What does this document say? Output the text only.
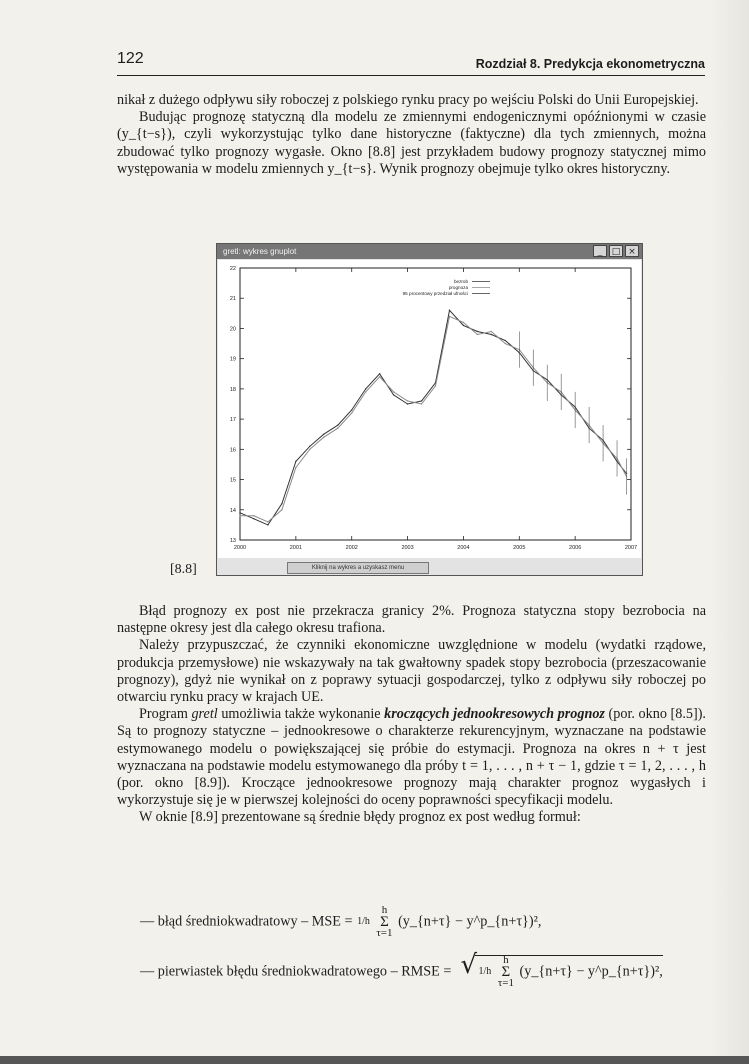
122	Rozdział 8. Predykcja ekonometryczna

nikał z dużego odpływu siły roboczej z polskiego rynku pracy po wejściu Polski do Unii Europejskiej.

Budując prognozę statyczną dla modelu ze zmiennymi endogenicznymi opóźnionymi w czasie (y_{t−s}), czyli wykorzystując tylko dane historyczne (faktyczne) dla tych zmiennych, można zbudować tylko prognozy wygasłe. Okno [8.8] jest przykładem budowy prognozy statycznej mimo występowania w modelu zmiennych y_{t−s}. Wynik prognozy obejmuje tylko okres historyczny.

gretl: wykres gnuplot	_	□ ×
13
14
15
16
17
18
19
20
21
22
2000	2001	2002	2003	2004	2005	2006	2007
bezrob
prognoza
95 procentowy przedział ufności
Kliknij na wykres a uzyskasz menu
[8.8]

Błąd prognozy ex post nie przekracza granicy 2%. Prognoza statyczna stopy bezrobocia na następne okresy jest dla całego okresu trafiona.

Należy przypuszczać, że czynniki ekonomiczne uwzględnione w modelu (wydatki rządowe, produkcja przemysłowe) nie wskazywały na tak gwałtowny spadek stopy bezrobocia (przeszacowanie prognozy), gdyż nie wynikał on z poprawy sytuacji gospodarczej, tylko z odpływu siły roboczej po otwarciu rynku pracy w krajach UE.

Program gretl umożliwia także wykonanie kroczących jednookresowych prognoz (por. okno [8.5]). Są to prognozy statyczne – jednookresowe o charakterze rekurencyjnym, wyznaczane na podstawie estymowanego modelu o powiększającej się próbie do estymacji. Prognoza na okres n + τ jest wyznaczana na podstawie modelu estymowanego dla próby t = 1, . . . , n + τ − 1, gdzie τ = 1, 2, . . . , h (por. okno [8.9]). Kroczące jednookresowe prognozy mają charakter prognoz wygasłych i wykorzystuje się je w pierwszej kolejności do oceny poprawności specyfikacji modelu.

W oknie [8.9] prezentowane są średnie błędy prognoz ex post według formuł:

— błąd średniokwadratowy – MSE = 1/h h
Σ
τ=1 (y_{n+τ} − y^p_{n+τ})²,
— pierwiastek błędu średniokwadratowego – RMSE =  √	1/h h
Σ
τ=1 (y_{n+τ} − y^p_{n+τ})²,
